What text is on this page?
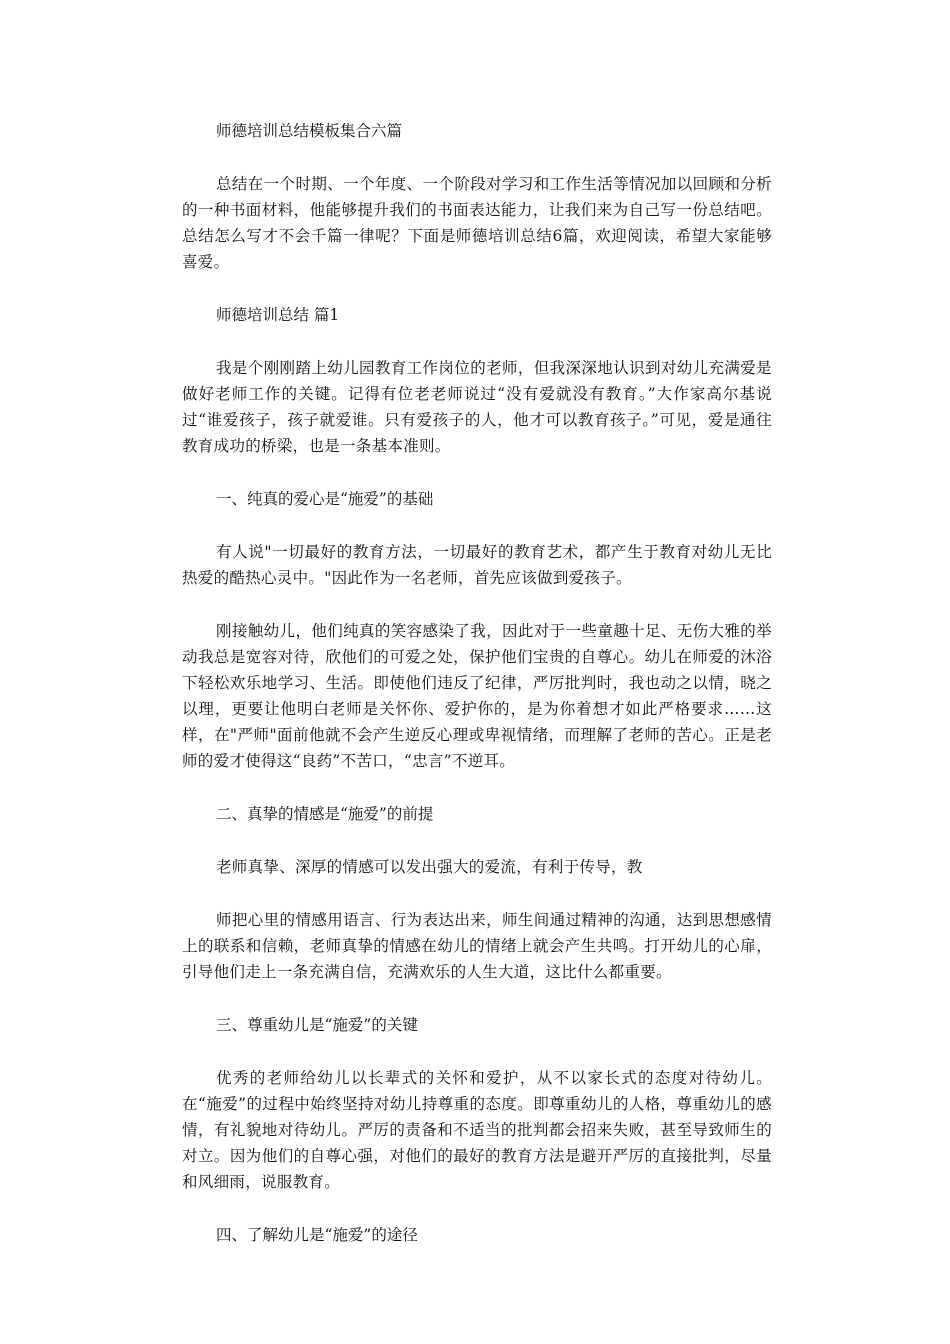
师德培训总结模板集合六篇

总结在一个时期、一个年度、一个阶段对学习和工作生活等情况加以回顾和分析的一种书面材料，他能够提升我们的书面表达能力，让我们来为自己写一份总结吧。总结怎么写才不会千篇一律呢？下面是师德培训总结6篇，欢迎阅读，希望大家能够喜爱。

师德培训总结 篇1

我是个刚刚踏上幼儿园教育工作岗位的老师，但我深深地认识到对幼儿充满爱是做好老师工作的关键。记得有位老老师说过“没有爱就没有教育。”大作家高尔基说过“谁爱孩子，孩子就爱谁。只有爱孩子的人，他才可以教育孩子。”可见，爱是通往教育成功的桥梁，也是一条基本准则。

一、纯真的爱心是“施爱”的基础

有人说"一切最好的教育方法，一切最好的教育艺术，都产生于教育对幼儿无比热爱的酷热心灵中。"因此作为一名老师，首先应该做到爱孩子。

刚接触幼儿，他们纯真的笑容感染了我，因此对于一些童趣十足、无伤大雅的举动我总是宽容对待，欣他们的可爱之处，保护他们宝贵的自尊心。幼儿在师爱的沐浴下轻松欢乐地学习、生活。即使他们违反了纪律，严厉批判时，我也动之以情，晓之以理，更要让他明白老师是关怀你、爱护你的，是为你着想才如此严格要求……这样，在"严师"面前他就不会产生逆反心理或卑视情绪，而理解了老师的苦心。正是老师的爱才使得这“良药”不苦口，“忠言”不逆耳。

二、真挚的情感是“施爱”的前提

老师真挚、深厚的情感可以发出强大的爱流，有利于传导，教

师把心里的情感用语言、行为表达出来，师生间通过精神的沟通，达到思想感情上的联系和信赖，老师真挚的情感在幼儿的情绪上就会产生共鸣。打开幼儿的心扉，引导他们走上一条充满自信，充满欢乐的人生大道，这比什么都重要。

三、尊重幼儿是“施爱”的关键

优秀的老师给幼儿以长辈式的关怀和爱护，从不以家长式的态度对待幼儿。在“施爱”的过程中始终坚持对幼儿持尊重的态度。即尊重幼儿的人格，尊重幼儿的感情，有礼貌地对待幼儿。严厉的责备和不适当的批判都会招来失败，甚至导致师生的对立。因为他们的自尊心强，对他们的最好的教育方法是避开严厉的直接批判，尽量和风细雨，说服教育。

四、了解幼儿是“施爱”的途径
